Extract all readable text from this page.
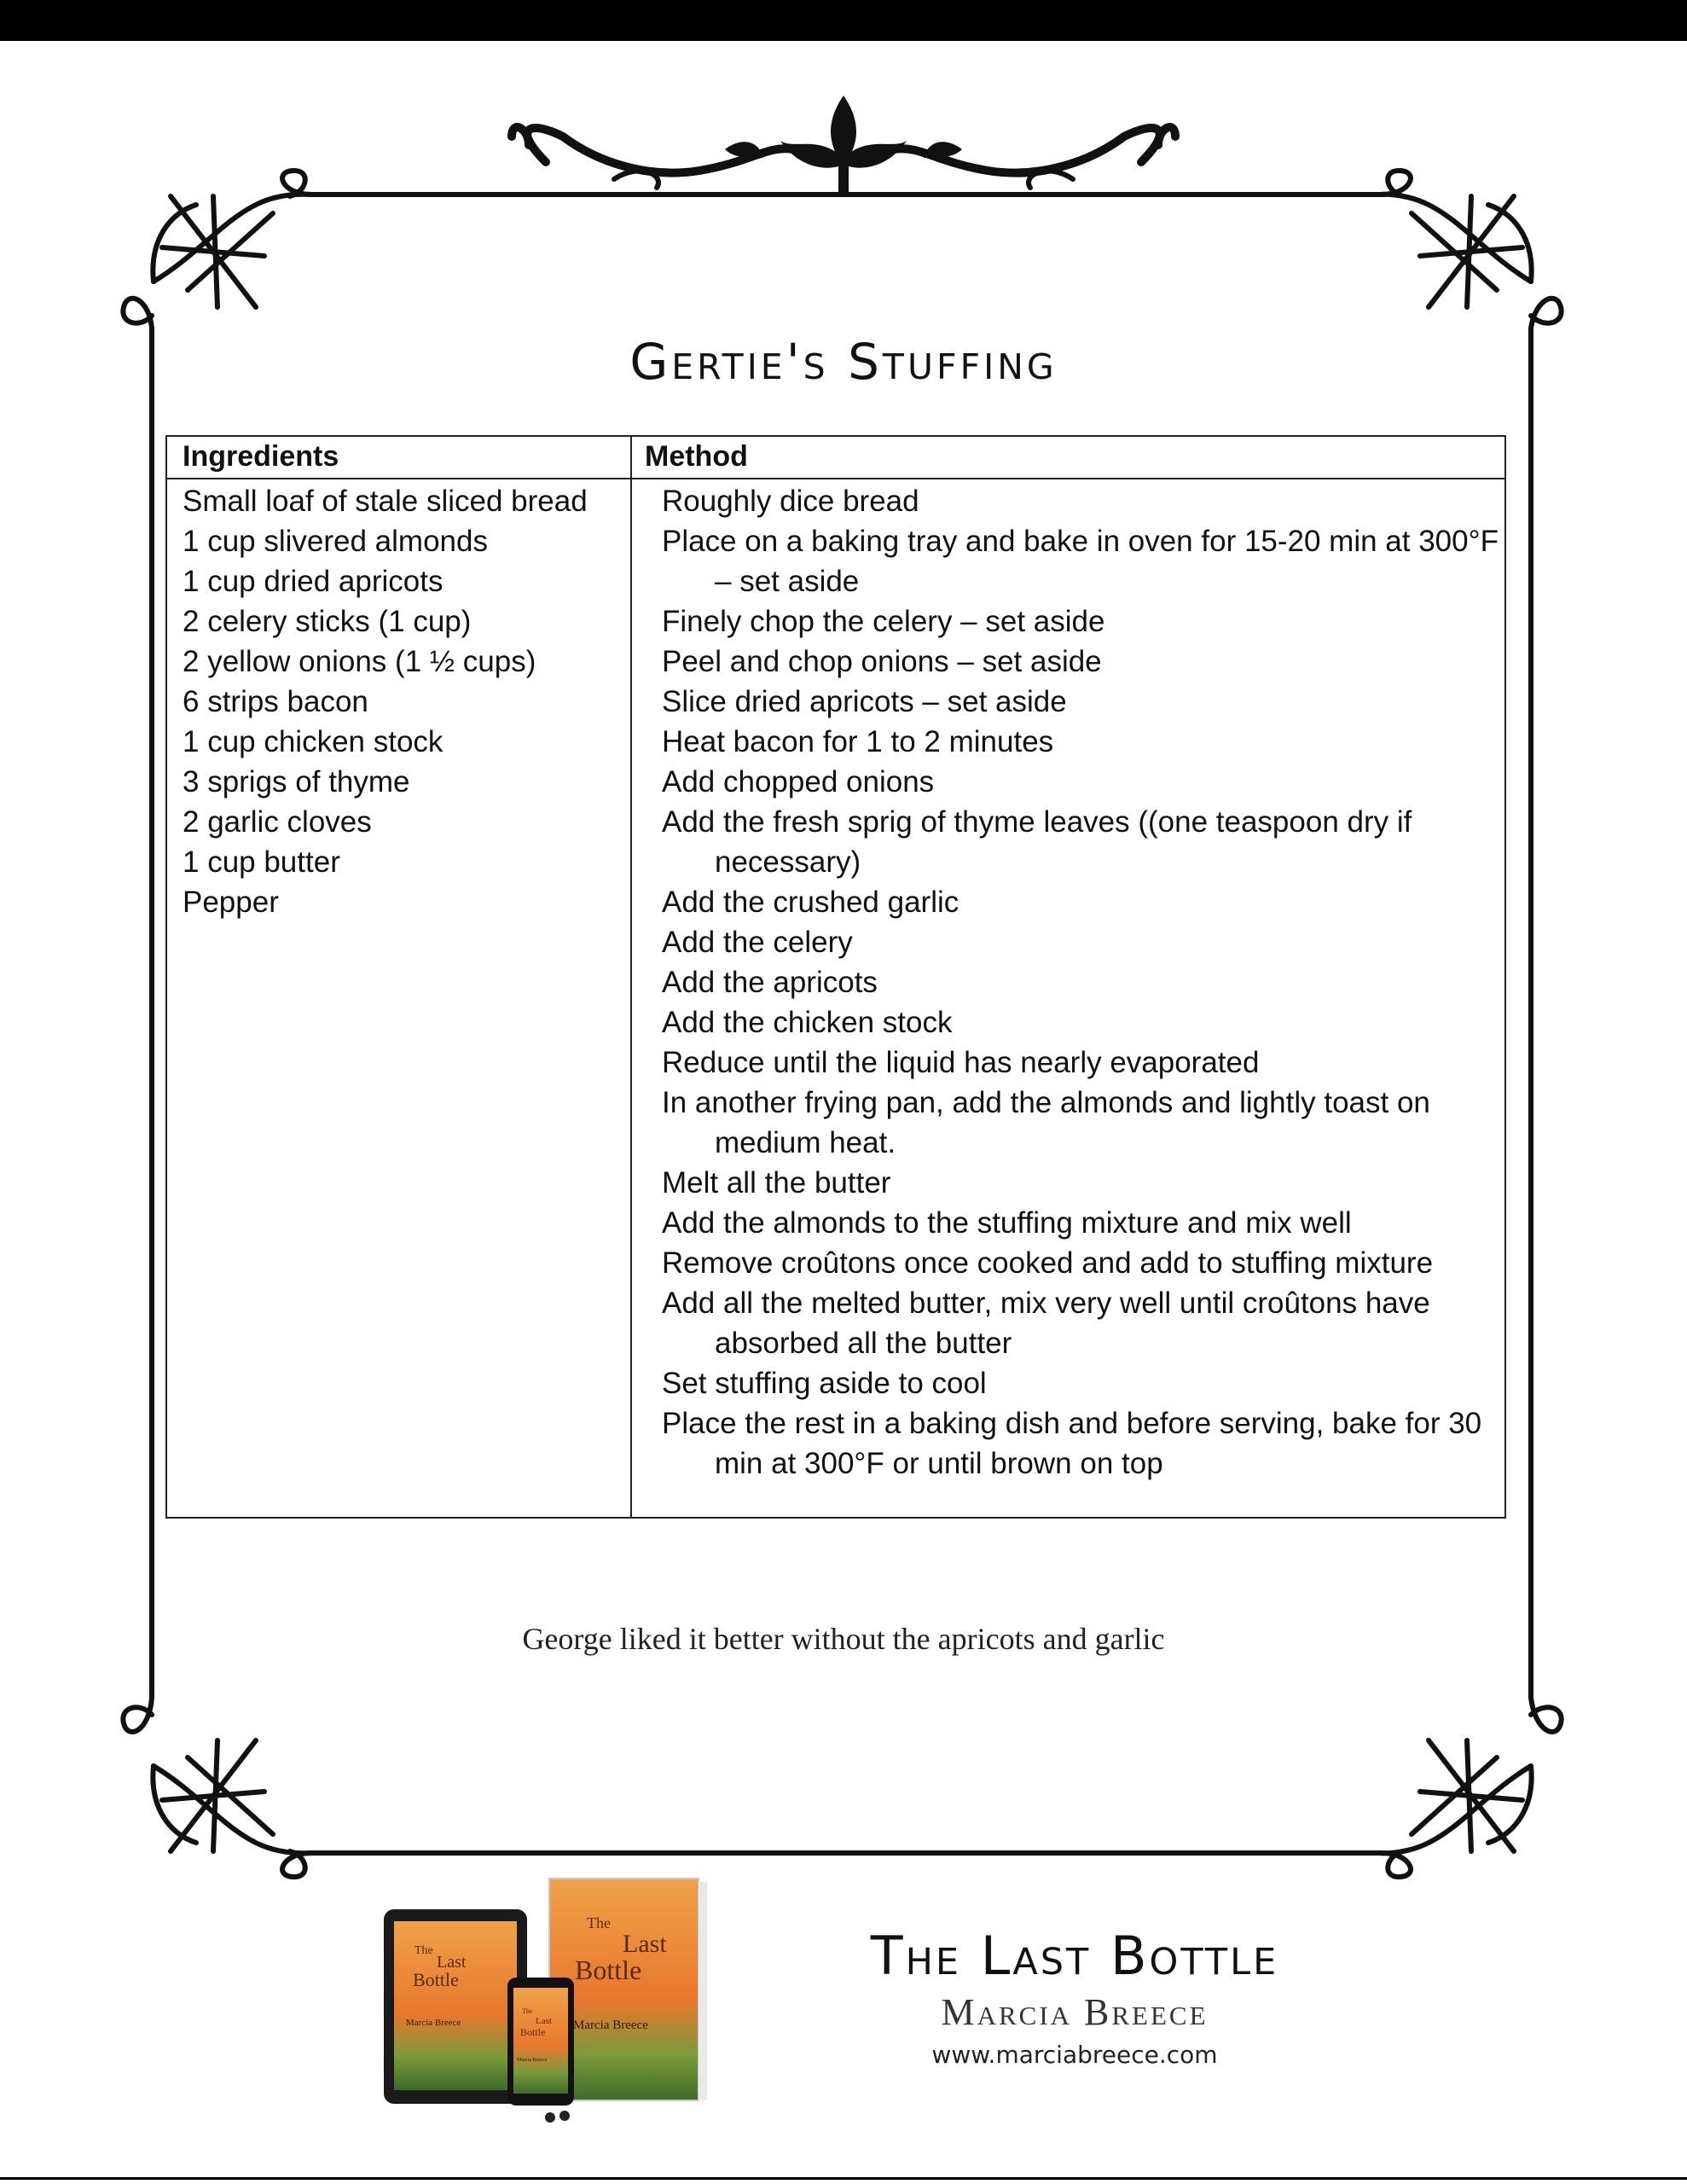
Gertie's Stuffing
Ingredients	Method
Small loaf of stale sliced bread
1 cup slivered almonds
1 cup dried apricots
2 celery sticks (1 cup)
2 yellow onions (1 ½ cups)
6 strips bacon
1 cup chicken stock
3 sprigs of thyme
2 garlic cloves
1 cup butter
Pepper
Roughly dice bread
Place on a baking tray and bake in oven for 15-20 min at 300°F – set aside
Finely chop the celery – set aside
Peel and chop onions – set aside
Slice dried apricots – set aside
Heat bacon for 1 to 2 minutes
Add chopped onions
Add the fresh sprig of thyme leaves ((one teaspoon dry if necessary)
Add the crushed garlic
Add the celery
Add the apricots
Add the chicken stock
Reduce until the liquid has nearly evaporated
In another frying pan, add the almonds and lightly toast on medium heat.
Melt all the butter
Add the almonds to the stuffing mixture and mix well
Remove croûtons once cooked and add to stuffing mixture
Add all the melted butter, mix very well until croûtons have absorbed all the butter
Set stuffing aside to cool
Place the rest in a baking dish and before serving, bake for 30 min at 300°F or until brown on top
George liked it better without the apricots and garlic
The
Last
Bottle
Marcia Breece
The
Last
Bottle
Marcia Breece
The
Last
Bottle
Marcia Breece
The Last Bottle
Marcia Breece
www.marciabreece.com
